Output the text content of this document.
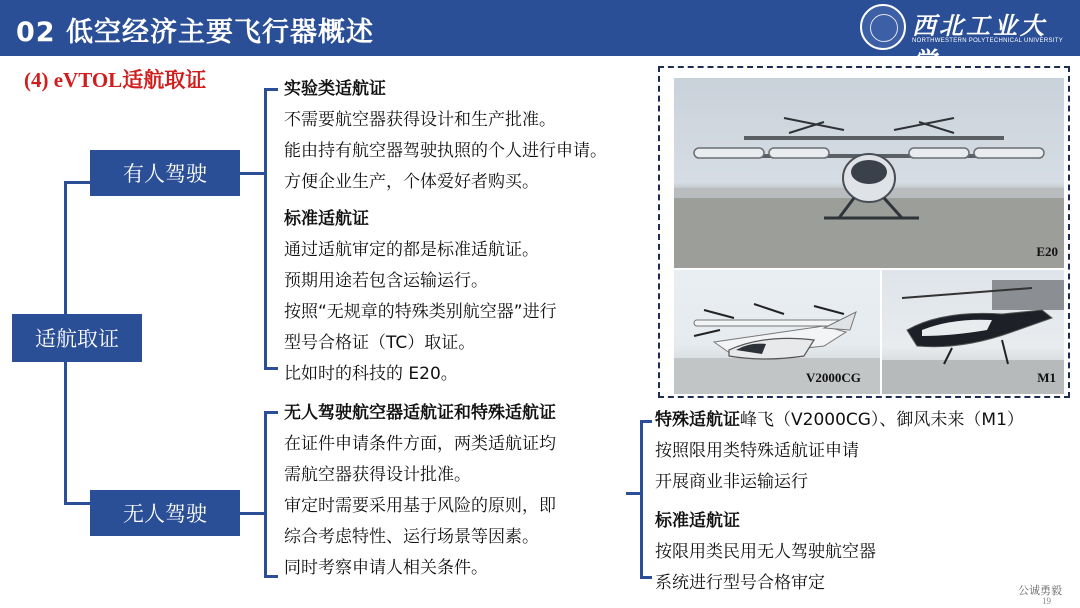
02 低空经济主要飞行器概述	西北工业大学
NORTHWESTERN POLYTECHNICAL UNIVERSITY
(4) eVTOL适航取证
适航取证
有人驾驶
无人驾驶
实验类适航证
不需要航空器获得设计和生产批准。
能由持有航空器驾驶执照的个人进行申请。
方便企业生产，个体爱好者购买。
标准适航证
通过适航审定的都是标准适航证。
预期用途若包含运输运行。
按照“无规章的特殊类别航空器”进行
型号合格证（TC）取证。
比如时的科技的 E20。
无人驾驶航空器适航证和特殊适航证
在证件申请条件方面，两类适航证均
需航空器获得设计批准。
审定时需要采用基于风险的原则，即
综合考虑特性、运行场景等因素。
同时考察申请人相关条件。
特殊适航证峰飞（V2000CG）、御风未来（M1）
按照限用类特殊适航证申请
开展商业非运输运行
标准适航证
按限用类民用无人驾驶航空器
系统进行型号合格审定
E20
V2000CG	M1
公诚勇毅
19
